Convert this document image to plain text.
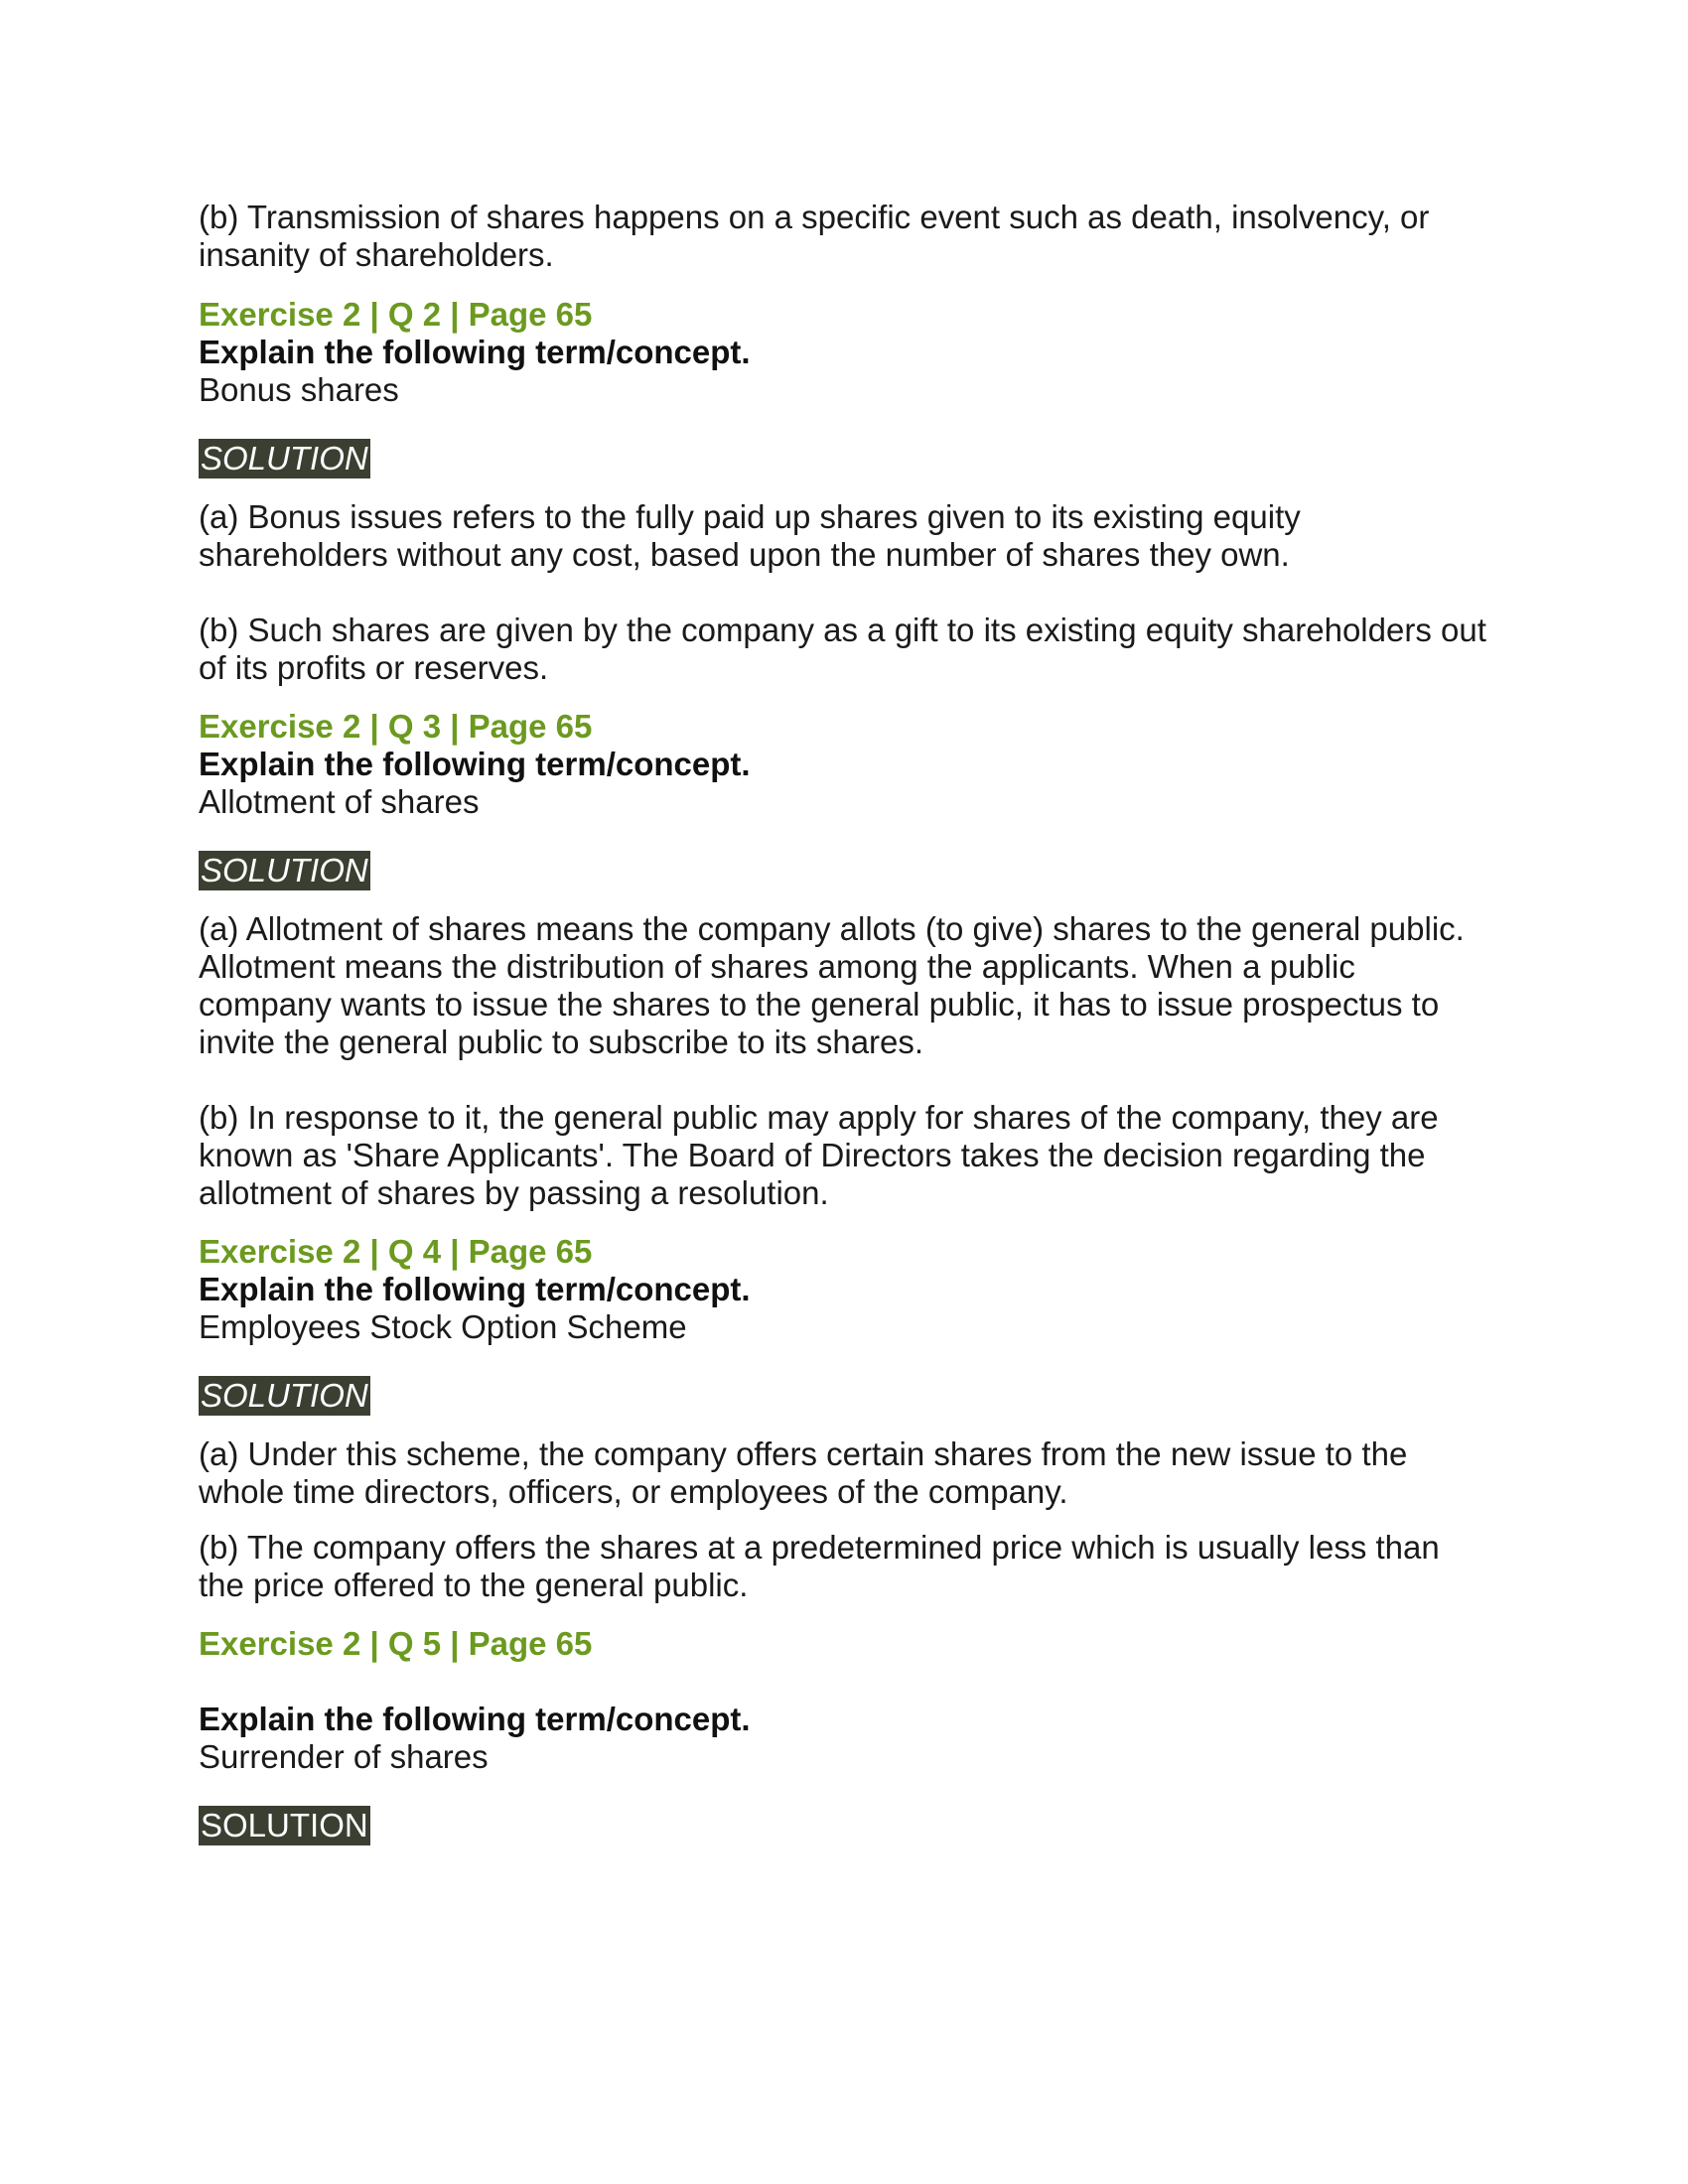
(b) Transmission of shares happens on a specific event such as death, insolvency, or insanity of shareholders.

Exercise 2 | Q 2 | Page 65

Explain the following term/concept.

Bonus shares

SOLUTION

(a) Bonus issues refers to the fully paid up shares given to its existing equity shareholders without any cost, based upon the number of shares they own.

(b) Such shares are given by the company as a gift to its existing equity shareholders out of its profits or reserves.

Exercise 2 | Q 3 | Page 65

Explain the following term/concept.

Allotment of shares

SOLUTION

(a) Allotment of shares means the company allots (to give) shares to the general public. Allotment means the distribution of shares among the applicants. When a public company wants to issue the shares to the general public, it has to issue prospectus to invite the general public to subscribe to its shares.

(b) In response to it, the general public may apply for shares of the company, they are known as 'Share Applicants'. The Board of Directors takes the decision regarding the allotment of shares by passing a resolution.

Exercise 2 | Q 4 | Page 65

Explain the following term/concept.

Employees Stock Option Scheme

SOLUTION

(a) Under this scheme, the company offers certain shares from the new issue to the whole time directors, officers, or employees of the company.

(b) The company offers the shares at a predetermined price which is usually less than the price offered to the general public.

Exercise 2 | Q 5 | Page 65

Explain the following term/concept.

Surrender of shares

SOLUTION
